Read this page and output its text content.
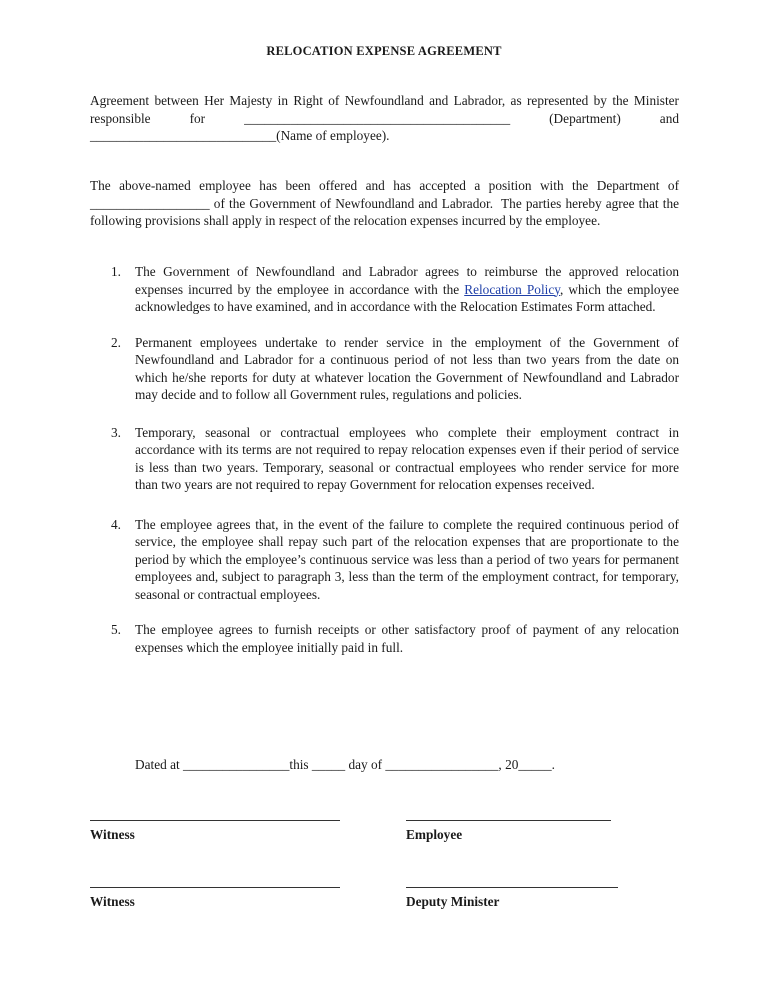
RELOCATION EXPENSE AGREEMENT
Agreement between Her Majesty in Right of Newfoundland and Labrador, as represented by the Minister responsible for ________________________________________ (Department) and ____________________________(Name of employee).
The above-named employee has been offered and has accepted a position with the Department of __________________ of the Government of Newfoundland and Labrador.  The parties hereby agree that the following provisions shall apply in respect of the relocation expenses incurred by the employee.
1. The Government of Newfoundland and Labrador agrees to reimburse the approved relocation expenses incurred by the employee in accordance with the Relocation Policy, which the employee acknowledges to have examined, and in accordance with the Relocation Estimates Form attached.
2. Permanent employees undertake to render service in the employment of the Government of Newfoundland and Labrador for a continuous period of not less than two years from the date on which he/she reports for duty at whatever location the Government of Newfoundland and Labrador may decide and to follow all Government rules, regulations and policies.
3. Temporary, seasonal or contractual employees who complete their employment contract in accordance with its terms are not required to repay relocation expenses even if their period of service is less than two years. Temporary, seasonal or contractual employees who render service for more than two years are not required to repay Government for relocation expenses received.
4. The employee agrees that, in the event of the failure to complete the required continuous period of service, the employee shall repay such part of the relocation expenses that are proportionate to the period by which the employee’s continuous service was less than a period of two years for permanent employees and, subject to paragraph 3, less than the term of the employment contract, for temporary, seasonal or contractual employees.
5. The employee agrees to furnish receipts or other satisfactory proof of payment of any relocation expenses which the employee initially paid in full.
Dated at ________________this _____ day of _________________, 20_____.
Witness	Employee
Witness	Deputy Minister
